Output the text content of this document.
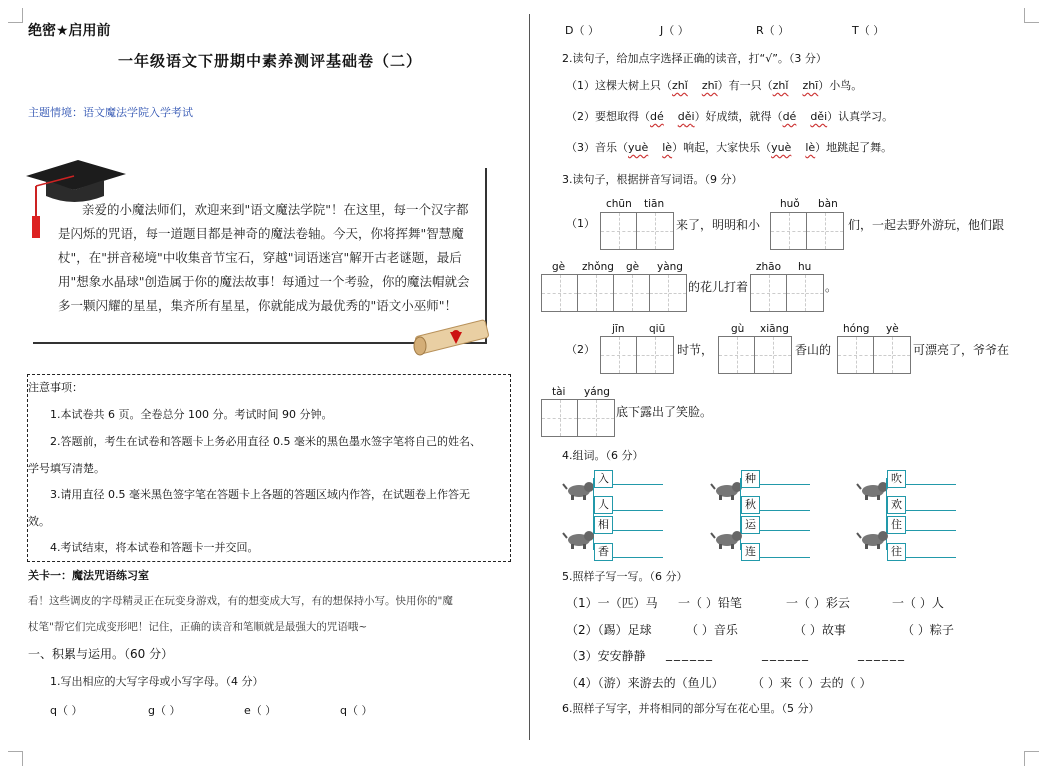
绝密★启用前
一年级语文下册期中素养测评基础卷（二）
主题情境：语文魔法学院入学考试
亲爱的小魔法师们，欢迎来到"语文魔法学院"！在这里，每一个汉字都是闪烁的咒语，每一道题目都是神奇的魔法卷轴。今天，你将挥舞"智慧魔杖"，在"拼音秘境"中收集音节宝石，穿越"词语迷宫"解开古老谜题，最后用"想象水晶球"创造属于你的魔法故事！每通过一个考验，你的魔法帽就会多一颗闪耀的星星，集齐所有星星，你就能成为最优秀的"语文小巫师"！
注意事项：
1.本试卷共 6 页。全卷总分 100 分。考试时间 90 分钟。
2.答题前，考生在试卷和答题卡上务必用直径 0.5 毫米的黑色墨水签字笔将自己的姓名、
学号填写清楚。
3.请用直径 0.5 毫米黑色签字笔在答题卡上各题的答题区域内作答，在试题卷上作答无
效。
4.考试结束，将本试卷和答题卡一并交回。
关卡一：魔法咒语练习室
看！这些调皮的字母精灵正在玩变身游戏，有的想变成大写，有的想保持小写。快用你的"魔
杖笔"帮它们完成变形吧！记住，正确的读音和笔顺就是最强大的咒语哦~
一、积累与运用。（60 分）
1.写出相应的大写字母或小写字母。（4 分）
q（ ）	g（ ）	e（ ）	q（ ）
D（ ）	J（ ）	R（ ）	T（ ）
2.读句子，给加点字选择正确的读音，打“√”。（3 分）
（1）这棵大树上只（zhǐ zhī）有一只（zhǐ zhī）小鸟。
（2）要想取得（dé děi）好成绩，就得（dé děi）认真学习。
（3）音乐（yuè lè）响起，大家快乐（yuè lè）地跳起了舞。
3.读句子，根据拼音写词语。（9 分）
（1）
chūn tiān
来了，明明和小
huǒ bàn
们，一起去野外游玩，他们跟
gè zhǒng gè yàng
的花儿打着
zhāo hu
。
（2）
jīn qiū
时节，
gù xiāng
香山的
hóng yè
可漂亮了，爷爷在
tài yáng
底下露出了笑脸。
4.组词。（6 分）
入
人
种
秋
吹
欢
相
香
运
连
住
往
5.照样子写一写。（6 分）
（1）一（匹）马 一（ ）铅笔	一（ ）彩云	一（ ）人
（2）（踢）足球	（ ）音乐	（ ）故事	（ ）粽子
（3）安安静静 ______	______	______
（4）（游）来游去的（鱼儿） （ ）来（ ）去的（ ）
6.照样子写字，并将相同的部分写在花心里。（5 分）
